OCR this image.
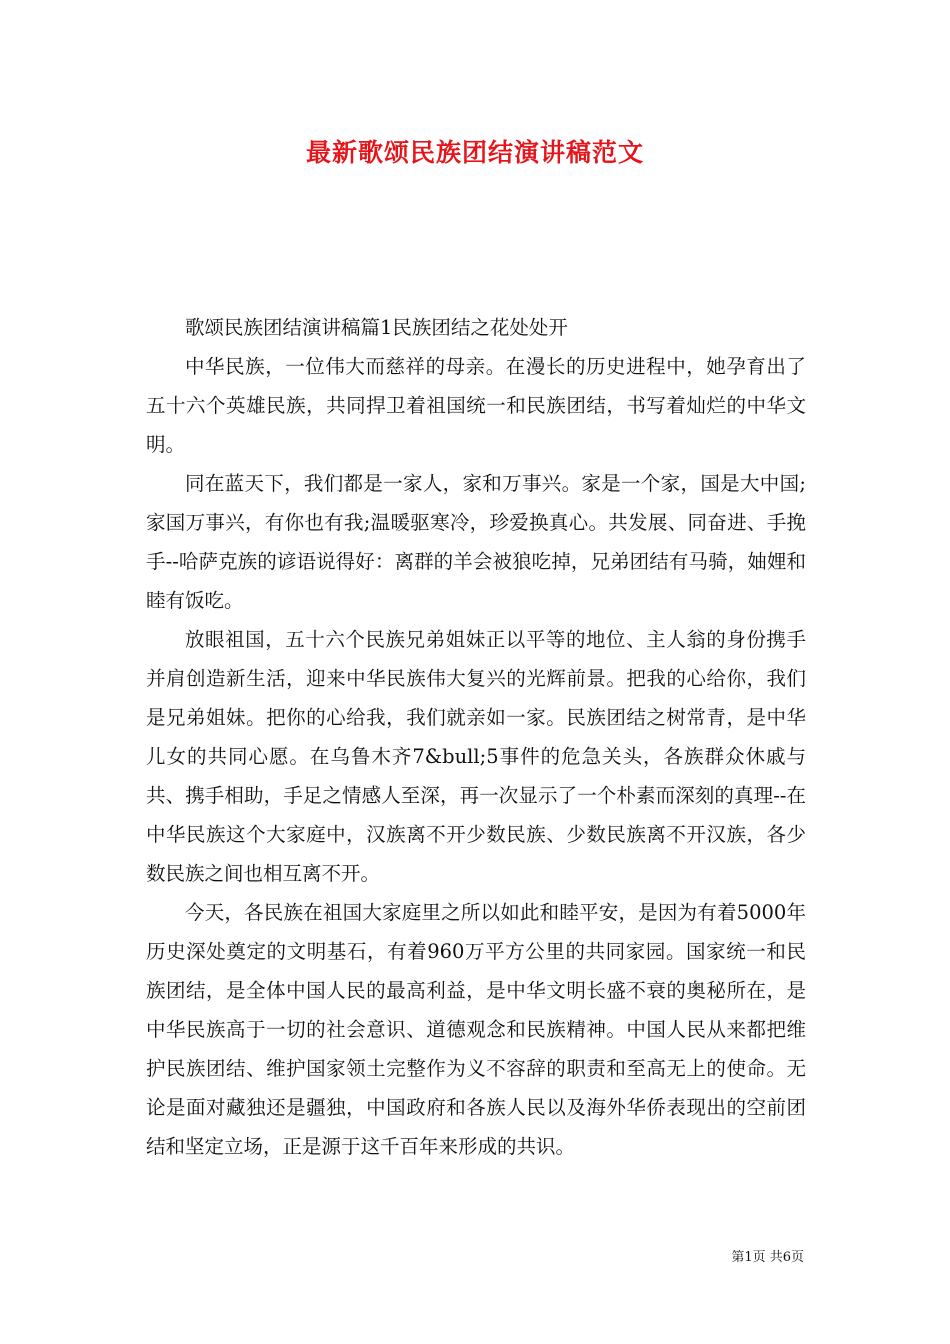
最新歌颂民族团结演讲稿范文

歌颂民族团结演讲稿篇1民族团结之花处处开

中华民族，一位伟大而慈祥的母亲。在漫长的历史进程中，她孕育出了五十六个英雄民族，共同捍卫着祖国统一和民族团结，书写着灿烂的中华文明。

同在蓝天下，我们都是一家人，家和万事兴。家是一个家，国是大中国;家国万事兴，有你也有我;温暖驱寒冷，珍爱换真心。共发展、同奋进、手挽手--哈萨克族的谚语说得好：离群的羊会被狼吃掉，兄弟团结有马骑，妯娌和睦有饭吃。

放眼祖国，五十六个民族兄弟姐妹正以平等的地位、主人翁的身份携手并肩创造新生活，迎来中华民族伟大复兴的光辉前景。把我的心给你，我们是兄弟姐妹。把你的心给我，我们就亲如一家。民族团结之树常青，是中华儿女的共同心愿。在乌鲁木齐7&bull;5事件的危急关头，各族群众休戚与共、携手相助，手足之情感人至深，再一次显示了一个朴素而深刻的真理--在中华民族这个大家庭中，汉族离不开少数民族、少数民族离不开汉族，各少数民族之间也相互离不开。

今天，各民族在祖国大家庭里之所以如此和睦平安，是因为有着5000年历史深处奠定的文明基石，有着960万平方公里的共同家园。国家统一和民族团结，是全体中国人民的最高利益，是中华文明长盛不衰的奥秘所在，是中华民族高于一切的社会意识、道德观念和民族精神。中国人民从来都把维护民族团结、维护国家领土完整作为义不容辞的职责和至高无上的使命。无论是面对藏独还是疆独，中国政府和各族人民以及海外华侨表现出的空前团结和坚定立场，正是源于这千百年来形成的共识。

第1页 共6页
